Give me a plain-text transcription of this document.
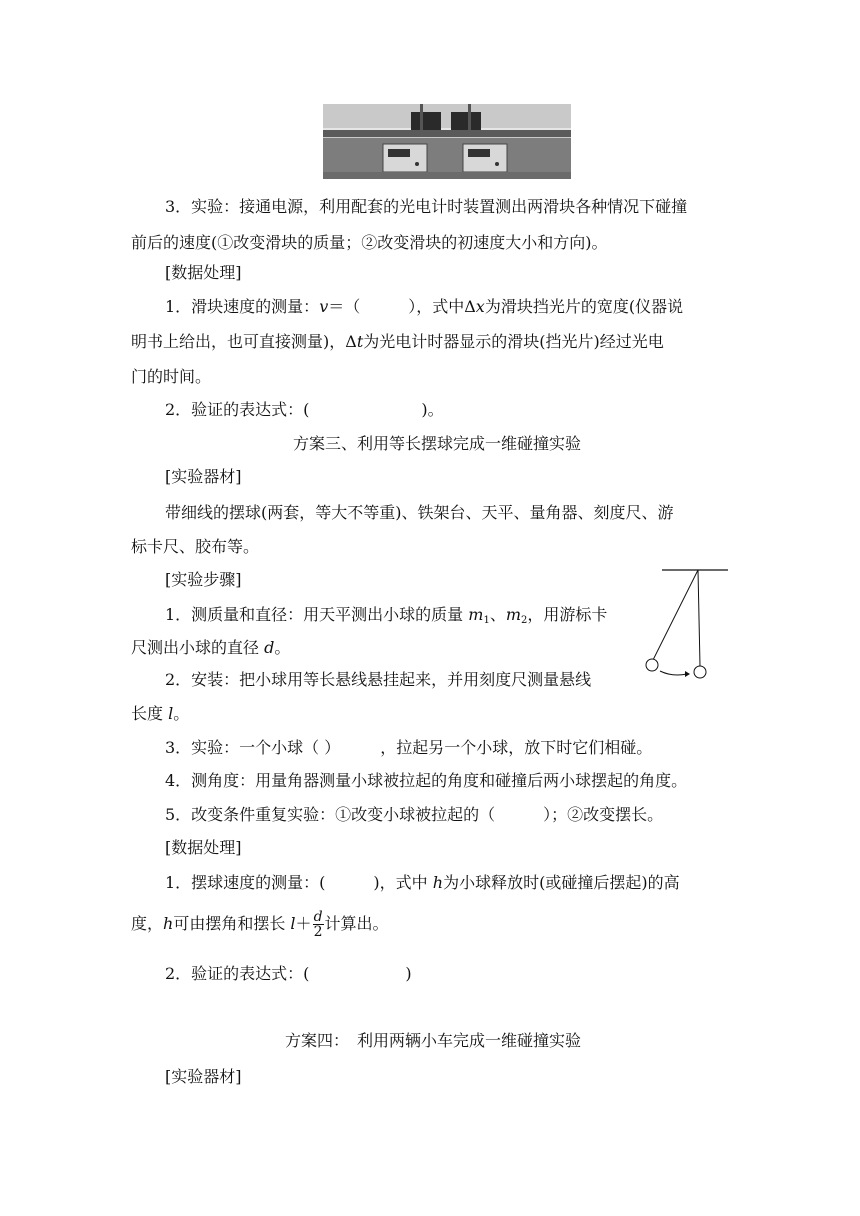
3．实验：接通电源，利用配套的光电计时装置测出两滑块各种情况下碰撞
前后的速度(①改变滑块的质量；②改变滑块的初速度大小和方向)。
[数据处理]
1．滑块速度的测量：v＝（　　　），式中Δx为滑块挡光片的宽度(仪器说
明书上给出，也可直接测量)，Δt为光电计时器显示的滑块(挡光片)经过光电
门的时间。
2．验证的表达式：(　　　　　　　)。
方案三、利用等长摆球完成一维碰撞实验
[实验器材]
带细线的摆球(两套，等大不等重)、铁架台、天平、量角器、刻度尺、游
标卡尺、胶布等。
[实验步骤]
1．测质量和直径：用天平测出小球的质量 $m_1$、$m_2$，用游标卡
尺测出小球的直径 d。
2．安装：把小球用等长悬线悬挂起来，并用刻度尺测量悬线
长度 l。
3．实验：一个小球（ ）　　　，拉起另一个小球，放下时它们相碰。
4．测角度：用量角器测量小球被拉起的角度和碰撞后两小球摆起的角度。
5．改变条件重复实验：①改变小球被拉起的（　　　）；②改变摆长。
[数据处理]
1．摆球速度的测量：(　　　)，式中 h为小球释放时(或碰撞后摆起)的高
度，h可由摆角和摆长 $l+ \frac{d}{2}$ 计算出。
2．验证的表达式：(　　　　　　)
方案四：　利用两辆小车完成一维碰撞实验
[实验器材]
